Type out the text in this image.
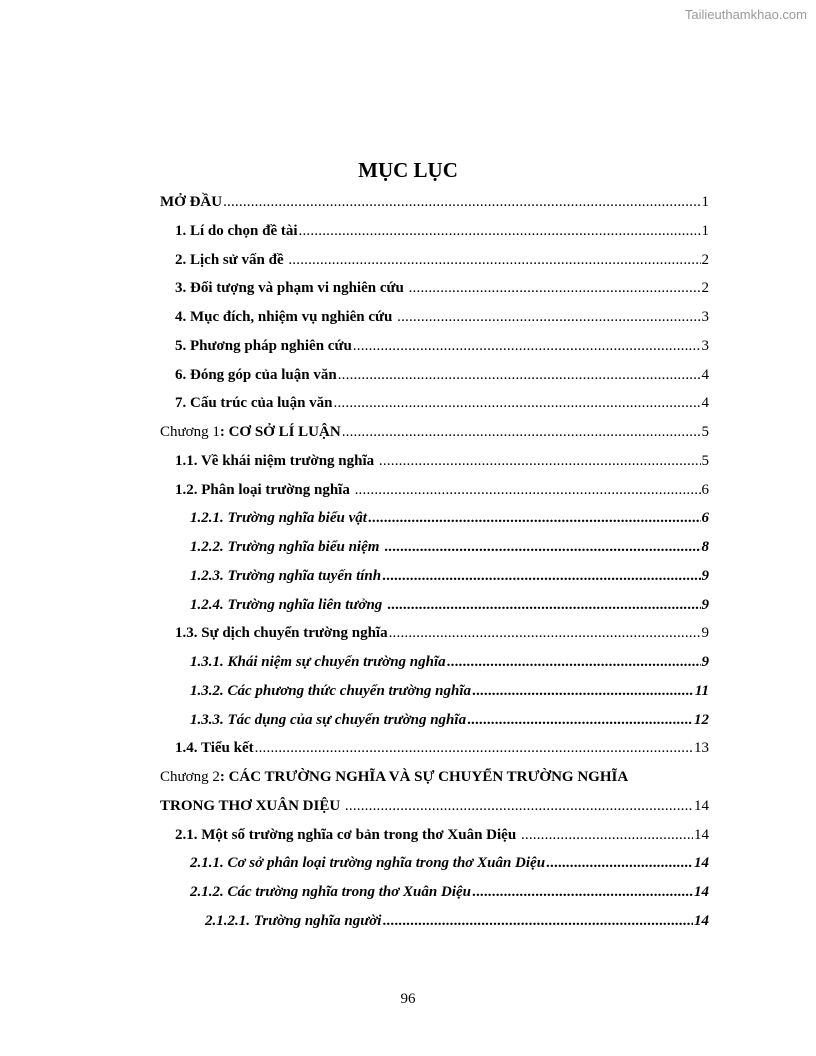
Tailieuthamkhao.com
MỤC LỤC
MỞ ĐẦU .....	1
1. Lí do chọn đề tài .....	1
2. Lịch sử vấn đề .....	2
3. Đối tượng và phạm vi nghiên cứu .....	2
4. Mục đích, nhiệm vụ nghiên cứu .....	3
5. Phương pháp nghiên cứu .....	3
6. Đóng góp của luận văn .....	4
7. Cấu trúc của luận văn .....	4
Chương 1 : CƠ SỞ LÍ LUẬN .....	5
1.1. Về khái niệm trường nghĩa .....	5
1.2. Phân loại trường nghĩa .....	6
1.2.1. Trường nghĩa biểu vật .....	6
1.2.2. Trường nghĩa biểu niệm .....	8
1.2.3. Trường nghĩa tuyến tính .....	9
1.2.4. Trường nghĩa liên tưởng .....	9
1.3. Sự dịch chuyển trường nghĩa .....	9
1.3.1. Khái niệm sự chuyển trường nghĩa .....	9
1.3.2. Các phương thức chuyển trường nghĩa .....	11
1.3.3. Tác dụng của sự chuyển trường nghĩa .....	12
1.4. Tiểu kết .....	13
Chương 2 : CÁC TRƯỜNG NGHĨA VÀ SỰ CHUYỂN TRƯỜNG NGHĨA
TRONG THƠ XUÂN DIỆU .....	14
2.1. Một số trường nghĩa cơ bản trong thơ Xuân Diệu .....	14
2.1.1. Cơ sở phân loại trường nghĩa trong thơ Xuân Diệu .....	14
2.1.2. Các trường nghĩa trong thơ Xuân Diệu .....	14
2.1.2.1. Trường nghĩa người .....	14
96
